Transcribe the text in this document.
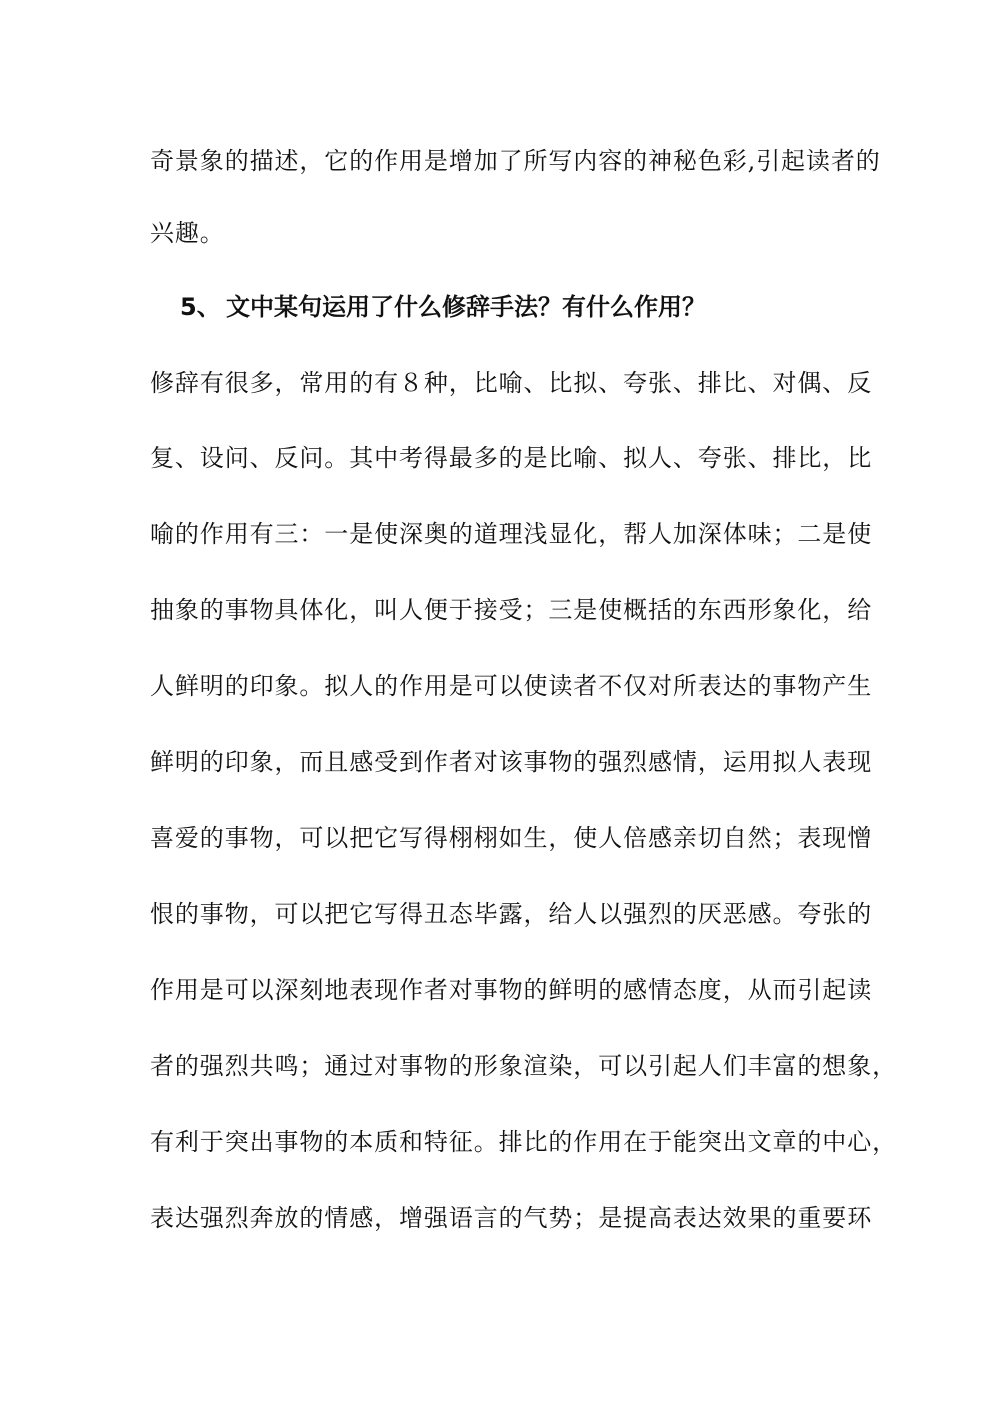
奇景象的描述，它的作用是增加了所写内容的神秘色彩,引起读者的
兴趣。
5、 文中某句运用了什么修辞手法？有什么作用？
修辞有很多，常用的有８种，比喻、比拟、夸张、排比、对偶、反
复、设问、反问。其中考得最多的是比喻、拟人、夸张、排比，比
喻的作用有三：一是使深奥的道理浅显化，帮人加深体味；二是使
抽象的事物具体化，叫人便于接受；三是使概括的东西形象化，给
人鲜明的印象。拟人的作用是可以使读者不仅对所表达的事物产生
鲜明的印象，而且感受到作者对该事物的强烈感情，运用拟人表现
喜爱的事物，可以把它写得栩栩如生，使人倍感亲切自然；表现憎
恨的事物，可以把它写得丑态毕露，给人以强烈的厌恶感。夸张的
作用是可以深刻地表现作者对事物的鲜明的感情态度，从而引起读
者的强烈共鸣；通过对事物的形象渲染，可以引起人们丰富的想象，
有利于突出事物的本质和特征。排比的作用在于能突出文章的中心，
表达强烈奔放的情感，增强语言的气势；是提高表达效果的重要环
